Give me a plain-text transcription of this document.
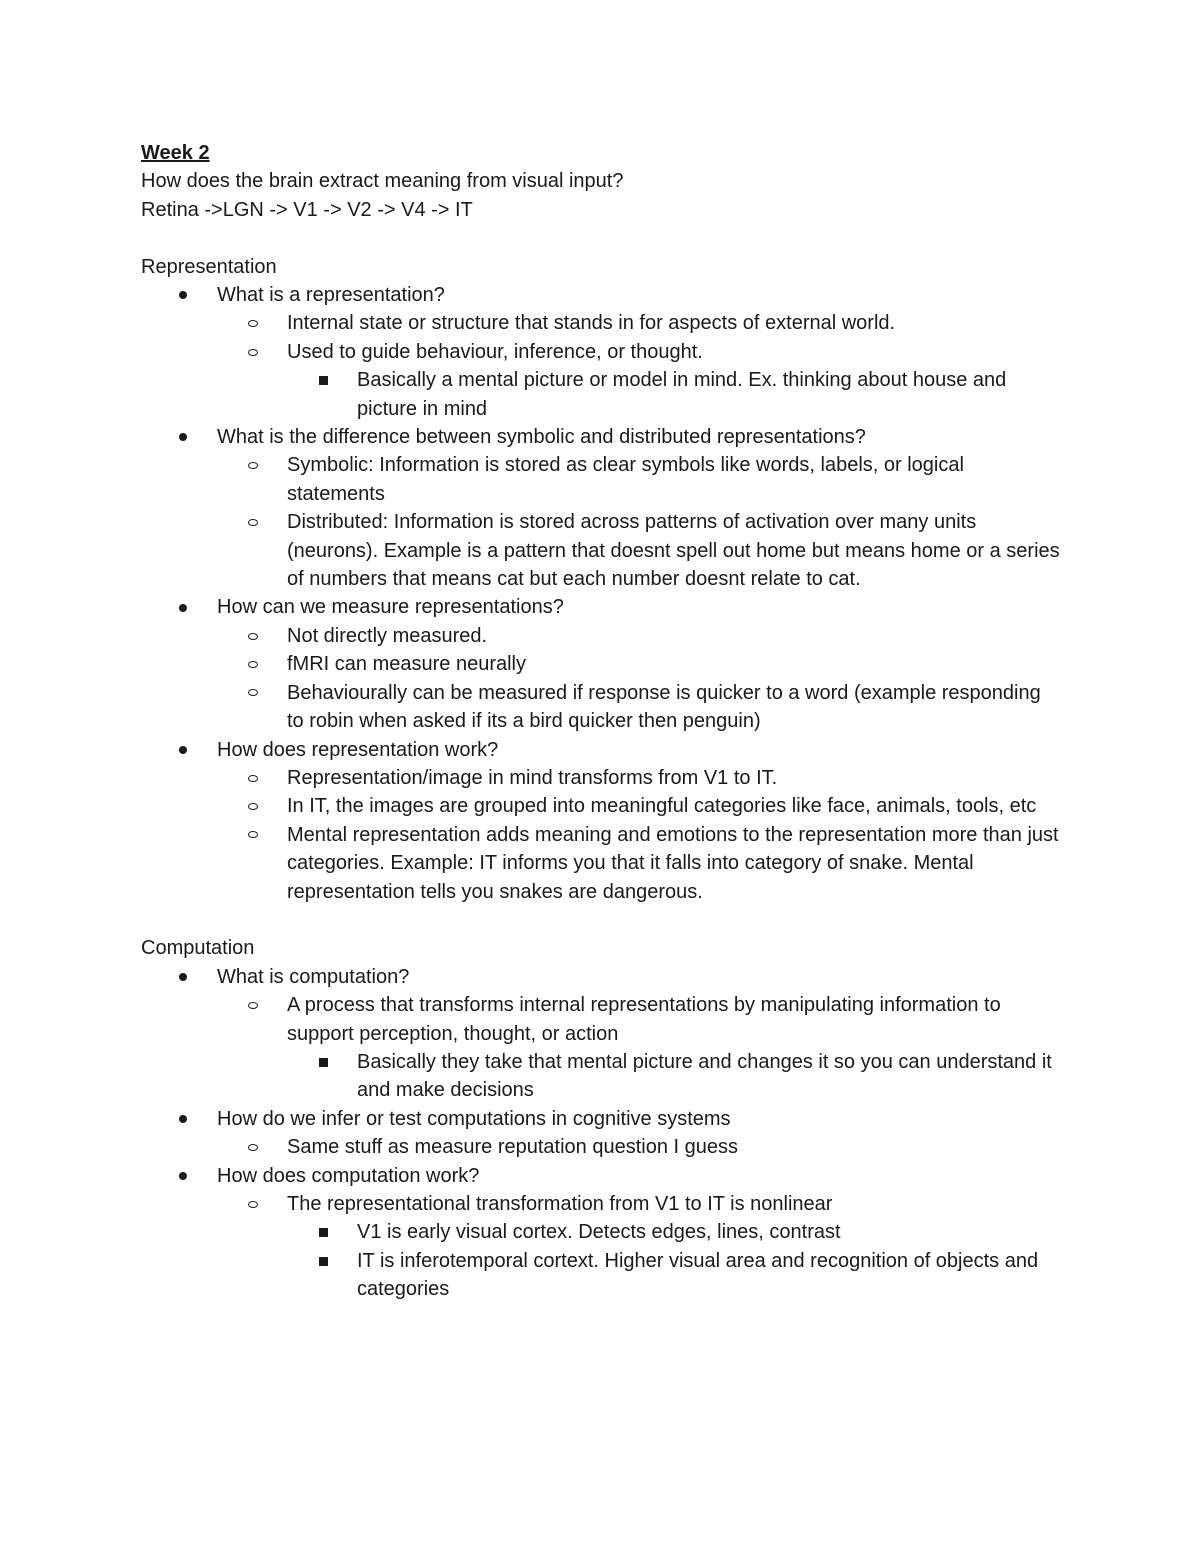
Week 2
How does the brain extract meaning from visual input?
Retina ->LGN -> V1 -> V2 -> V4 -> IT
Representation
What is a representation?
Internal state or structure that stands in for aspects of external world.
Used to guide behaviour, inference, or thought.
Basically a mental picture or model in mind. Ex. thinking about house and picture in mind
What is the difference between symbolic and distributed representations?
Symbolic: Information is stored as clear symbols like words, labels, or logical statements
Distributed: Information is stored across patterns of activation over many units (neurons). Example is a pattern that doesnt spell out home but means home or a series of numbers that means cat but each number doesnt relate to cat.
How can we measure representations?
Not directly measured.
fMRI can measure neurally
Behaviourally can be measured if response is quicker to a word (example responding to robin when asked if its a bird quicker then penguin)
How does representation work?
Representation/image in mind transforms from V1 to IT.
In IT, the images are grouped into meaningful categories like face, animals, tools, etc
Mental representation adds meaning and emotions to the representation more than just categories. Example: IT informs you that it falls into category of snake. Mental representation tells you snakes are dangerous.
Computation
What is computation?
A process that transforms internal representations by manipulating information to support perception, thought, or action
Basically they take that mental picture and changes it so you can understand it and make decisions
How do we infer or test computations in cognitive systems
Same stuff as measure reputation question I guess
How does computation work?
The representational transformation from V1 to IT is nonlinear
V1 is early visual cortex. Detects edges, lines, contrast
IT is inferotemporal cortext. Higher visual area and recognition of objects and categories
